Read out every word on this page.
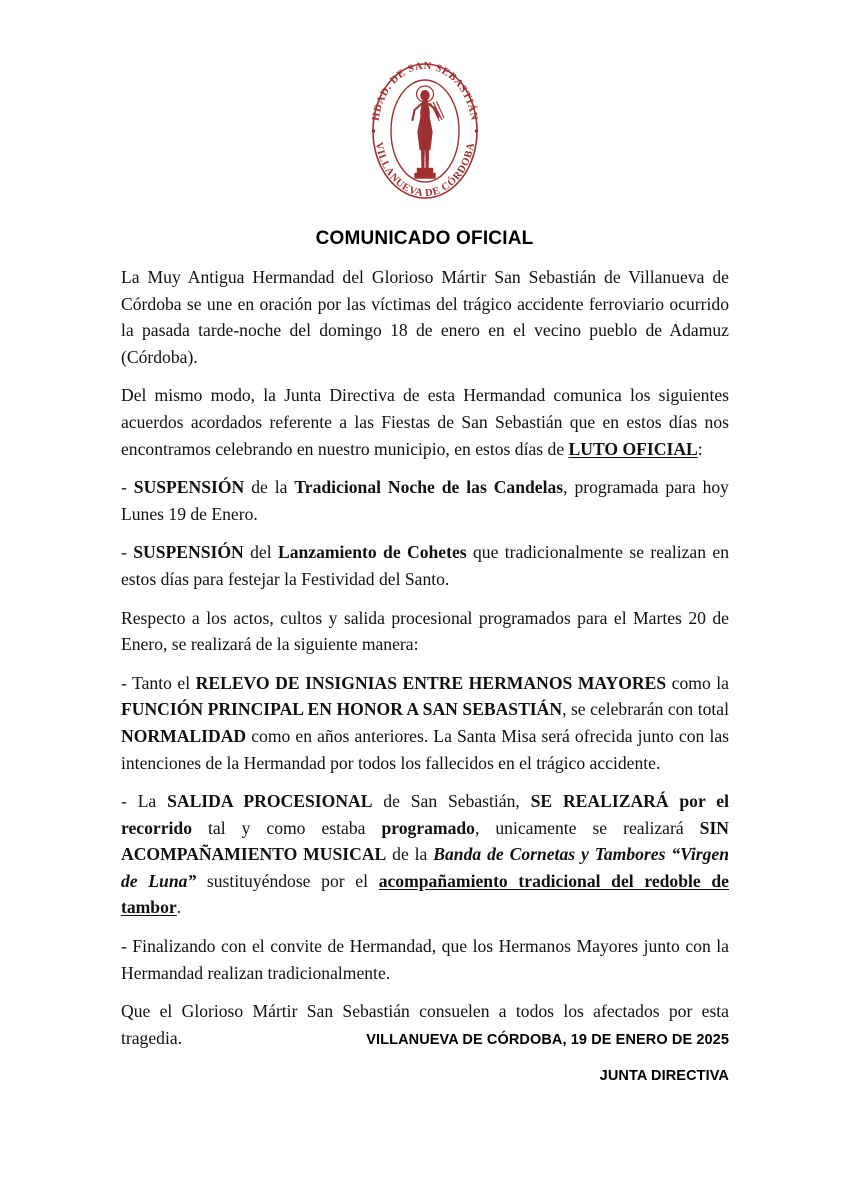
HDAD. DE SAN SEBASTIÁN
VILLANUEVA DE CÓRDOBA
COMUNICADO OFICIAL

La Muy Antigua Hermandad del Glorioso Mártir San Sebastián de Villanueva de Córdoba se une en oración por las víctimas del trágico accidente ferroviario ocurrido la pasada tarde-noche del domingo 18 de enero en el vecino pueblo de Adamuz (Córdoba).

Del mismo modo, la Junta Directiva de esta Hermandad comunica los siguientes acuerdos acordados referente a las Fiestas de San Sebastián que en estos días nos encontramos celebrando en nuestro municipio, en estos días de LUTO OFICIAL:

- SUSPENSIÓN de la Tradicional Noche de las Candelas, programada para hoy Lunes 19 de Enero.

- SUSPENSIÓN del Lanzamiento de Cohetes que tradicionalmente se realizan en estos días para festejar la Festividad del Santo.

Respecto a los actos, cultos y salida procesional programados para el Martes 20 de Enero, se realizará de la siguiente manera:

- Tanto el RELEVO DE INSIGNIAS ENTRE HERMANOS MAYORES como la FUNCIÓN PRINCIPAL EN HONOR A SAN SEBASTIÁN, se celebrarán con total NORMALIDAD como en años anteriores. La Santa Misa será ofrecida junto con las intenciones de la Hermandad por todos los fallecidos en el trágico accidente.

- La SALIDA PROCESIONAL de San Sebastián, SE REALIZARÁ por el recorrido tal y como estaba programado, unicamente se realizará SIN ACOMPAÑAMIENTO MUSICAL de la Banda de Cornetas y Tambores “Virgen de Luna” sustituyéndose por el acompañamiento tradicional del redoble de tambor.

- Finalizando con el convite de Hermandad, que los Hermanos Mayores junto con la Hermandad realizan tradicionalmente.

Que el Glorioso Mártir San Sebastián consuelen a todos los afectados por esta tragedia.	VILLANUEVA DE CÓRDOBA, 19 DE ENERO DE 2025
JUNTA DIRECTIVA
